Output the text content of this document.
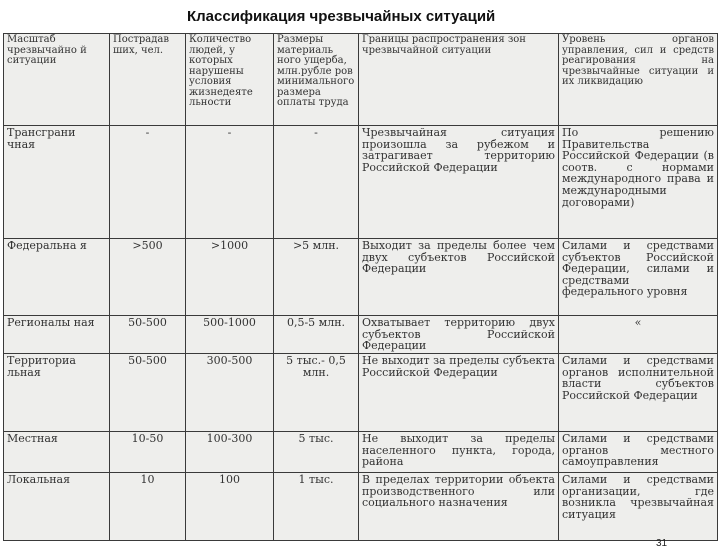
Классификация чрезвычайных ситуаций
Масштаб чрезвычайно й ситуации	Пострадав ших, чел.	Количество людей, у которых нарушены условия жизнедеяте льности	Размеры материаль ного ущерба, млн.рубле ров минимального размера оплаты труда	Границы распространения зон чрезвычайной ситуации	Уровень органов управления, сил и средств реагирования на чрезвычайные ситуации и их ликвидацию
Трансграни чная	-	-	-	Чрезвычайная ситуация произошла за рубежом и затрагивает территорию Российской Федерации	По решению Правительства Российской Федерации (в соотв. с нормами международного права и международными договорами)
Федеральна я	>500	>1000	>5 млн.	Выходит за пределы более чем двух субъектов Российской Федерации	Силами и средствами субъектов Российской Федерации, силами и средствами федерального уровня
Регионалы ная	50-500	500-1000	0,5-5 млн.	Охватывает территорию двух субъектов Российской Федерации	«
Территориа льная	50-500	300-500	5 тыс.- 0,5 млн.	Не выходит за пределы субъекта Российской Федерации	Силами и средствами органов исполнительной власти субъектов Российской Федерации
Местная	10-50	100-300	5 тыс.	Не выходит за пределы населенного пункта, города, района	Силами и средствами органов местного самоуправления
Локальная	10	100	1 тыс.	В пределах территории объекта производственного или социального назначения	Силами и средствами организации, где возникла чрезвычайная ситуация
31
